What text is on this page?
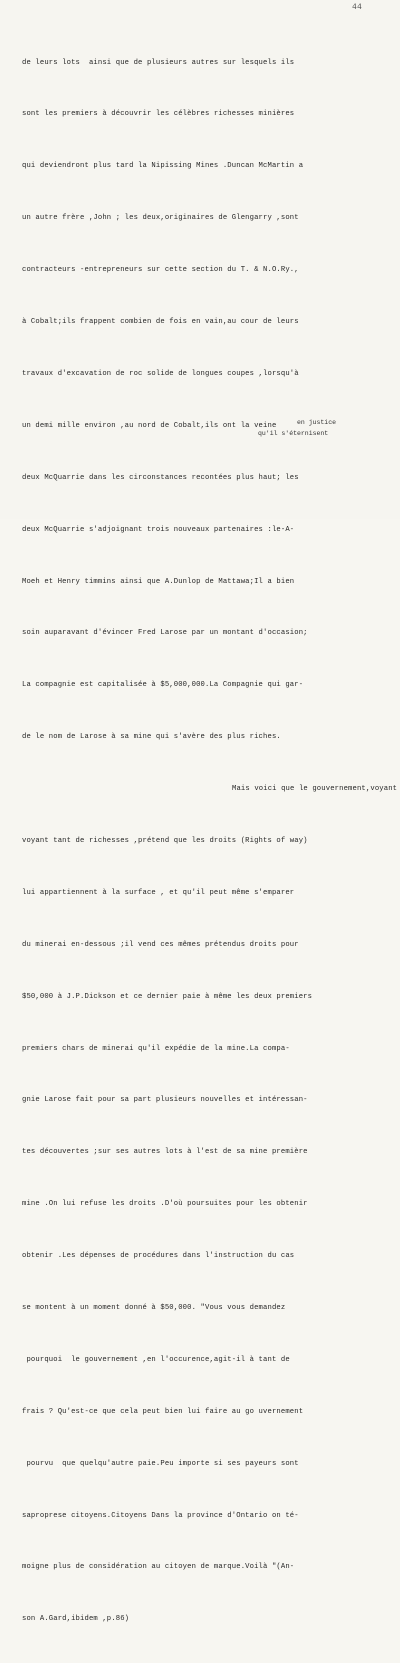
44

de leurs lots  ainsi que de plusieurs autres sur lesquels ils

sont les premiers à découvrir les célèbres richesses minières

qui deviendront plus tard la Nipissing Mines .Duncan McMartin a

un autre frère ,John ; les deux,originaires de Glengarry ,sont

contracteurs -entrepreneurs sur cette section du T. & N.O.Ry.,

à Cobalt;ils frappent combien de fois en vain,au cour de leurs

travaux d'excavation de roc solide de longues coupes ,lorsqu'à

un demi mille environ ,au nord de Cobalt,ils ont la veine

deux McQuarrie dans les circonstances recontées plus haut; les

deux McQuarrie s'adjoignant trois nouveaux partenaires :le-A-

Moeh et Henry timmins ainsi que A.Dunlop de Mattawa;Il a bien

soin auparavant d'évincer Fred Larose par un montant d'occasion;

La compagnie est capitalisée à $5,000,000.La Compagnie qui gar-

de le nom de Larose à sa mine qui s'avère des plus riches.

Mais voici que le gouvernement,voyant

voyant tant de richesses ,prétend que les droits (Rights of way)

lui appartiennent à la surface , et qu'il peut même s'emparer

du minerai en-dessous ;il vend ces mêmes prétendus droits pour

$50,000 à J.P.Dickson et ce dernier paie à même les deux premiers

premiers chars de minerai qu'il expédie de la mine.La compa-

gnie Larose fait pour sa part plusieurs nouvelles et intéressan-

tes découvertes ;sur ses autres lots à l'est de sa mine première

mine .On lui refuse les droits .D'où poursuites pour les obtenir

obtenir .Les dépenses de procédures dans l'instruction du cas

se montent à un moment donné à $50,000. "Vous vous demandez

pourquoi  le gouvernement ,en l'occurence,agit-il à tant de

frais ? Qu'est-ce que cela peut bien lui faire au go uvernement

pourvu  que quelqu'autre paie.Peu importe si ses payeurs sont

saproprese citoyens.Citoyens Dans la province d'Ontario on té-

moigne plus de considération au citoyen de marque.Voilà "(An-

son A.Gard,ibidem ,p.86)

en justice
qu'il s'éternisent
